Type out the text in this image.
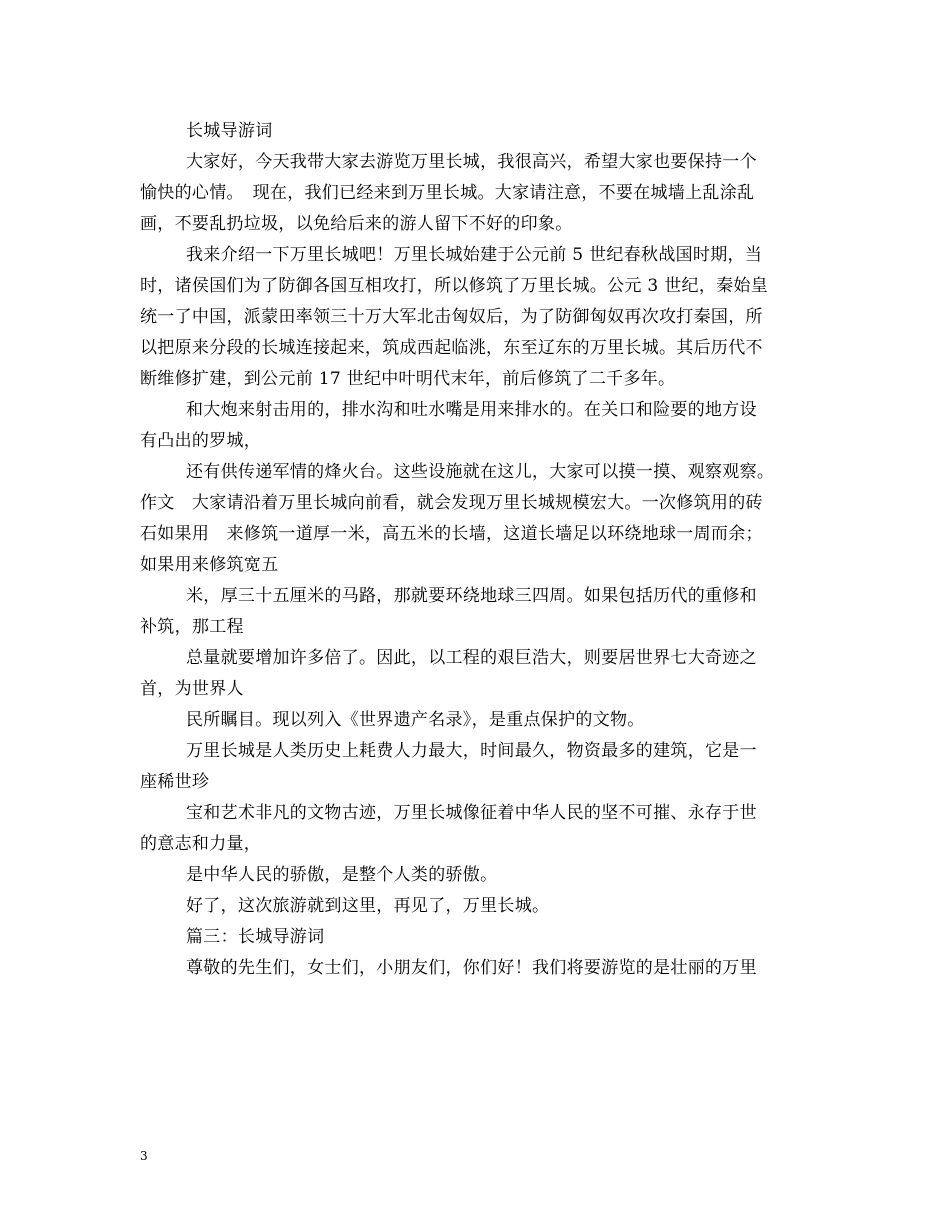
长城导游词
大家好，今天我带大家去游览万里长城，我很高兴，希望大家也要保持一个
愉快的心情。　现在，我们已经来到万里长城。大家请注意，不要在城墙上乱涂乱
画，不要乱扔垃圾，以免给后来的游人留下不好的印象。
我来介绍一下万里长城吧！万里长城始建于公元前 5 世纪春秋战国时期，当
时，诸侯国们为了防御各国互相攻打，所以修筑了万里长城。公元 3 世纪，秦始皇
统一了中国，派蒙田率领三十万大军北击匈奴后，为了防御匈奴再次攻打秦国，所
以把原来分段的长城连接起来，筑成西起临洮，东至辽东的万里长城。其后历代不
断维修扩建，到公元前 17 世纪中叶明代末年，前后修筑了二千多年。
和大炮来射击用的，排水沟和吐水嘴是用来排水的。在关口和险要的地方设
有凸出的罗城，
还有供传递军情的烽火台。这些设施就在这儿，大家可以摸一摸、观察观察。
作文　大家请沿着万里长城向前看，就会发现万里长城规模宏大。一次修筑用的砖
石如果用　来修筑一道厚一米，高五米的长墙，这道长墙足以环绕地球一周而余；
如果用来修筑宽五
米，厚三十五厘米的马路，那就要环绕地球三四周。如果包括历代的重修和
补筑，那工程
总量就要增加许多倍了。因此，以工程的艰巨浩大，则要居世界七大奇迹之
首，为世界人
民所瞩目。现以列入《世界遗产名录》，是重点保护的文物。
万里长城是人类历史上耗费人力最大，时间最久，物资最多的建筑，它是一
座稀世珍
宝和艺术非凡的文物古迹，万里长城像征着中华人民的坚不可摧、永存于世
的意志和力量，
是中华人民的骄傲，是整个人类的骄傲。
好了，这次旅游就到这里，再见了，万里长城。
篇三：长城导游词
尊敬的先生们，女士们，小朋友们，你们好！我们将要游览的是壮丽的万里
3
